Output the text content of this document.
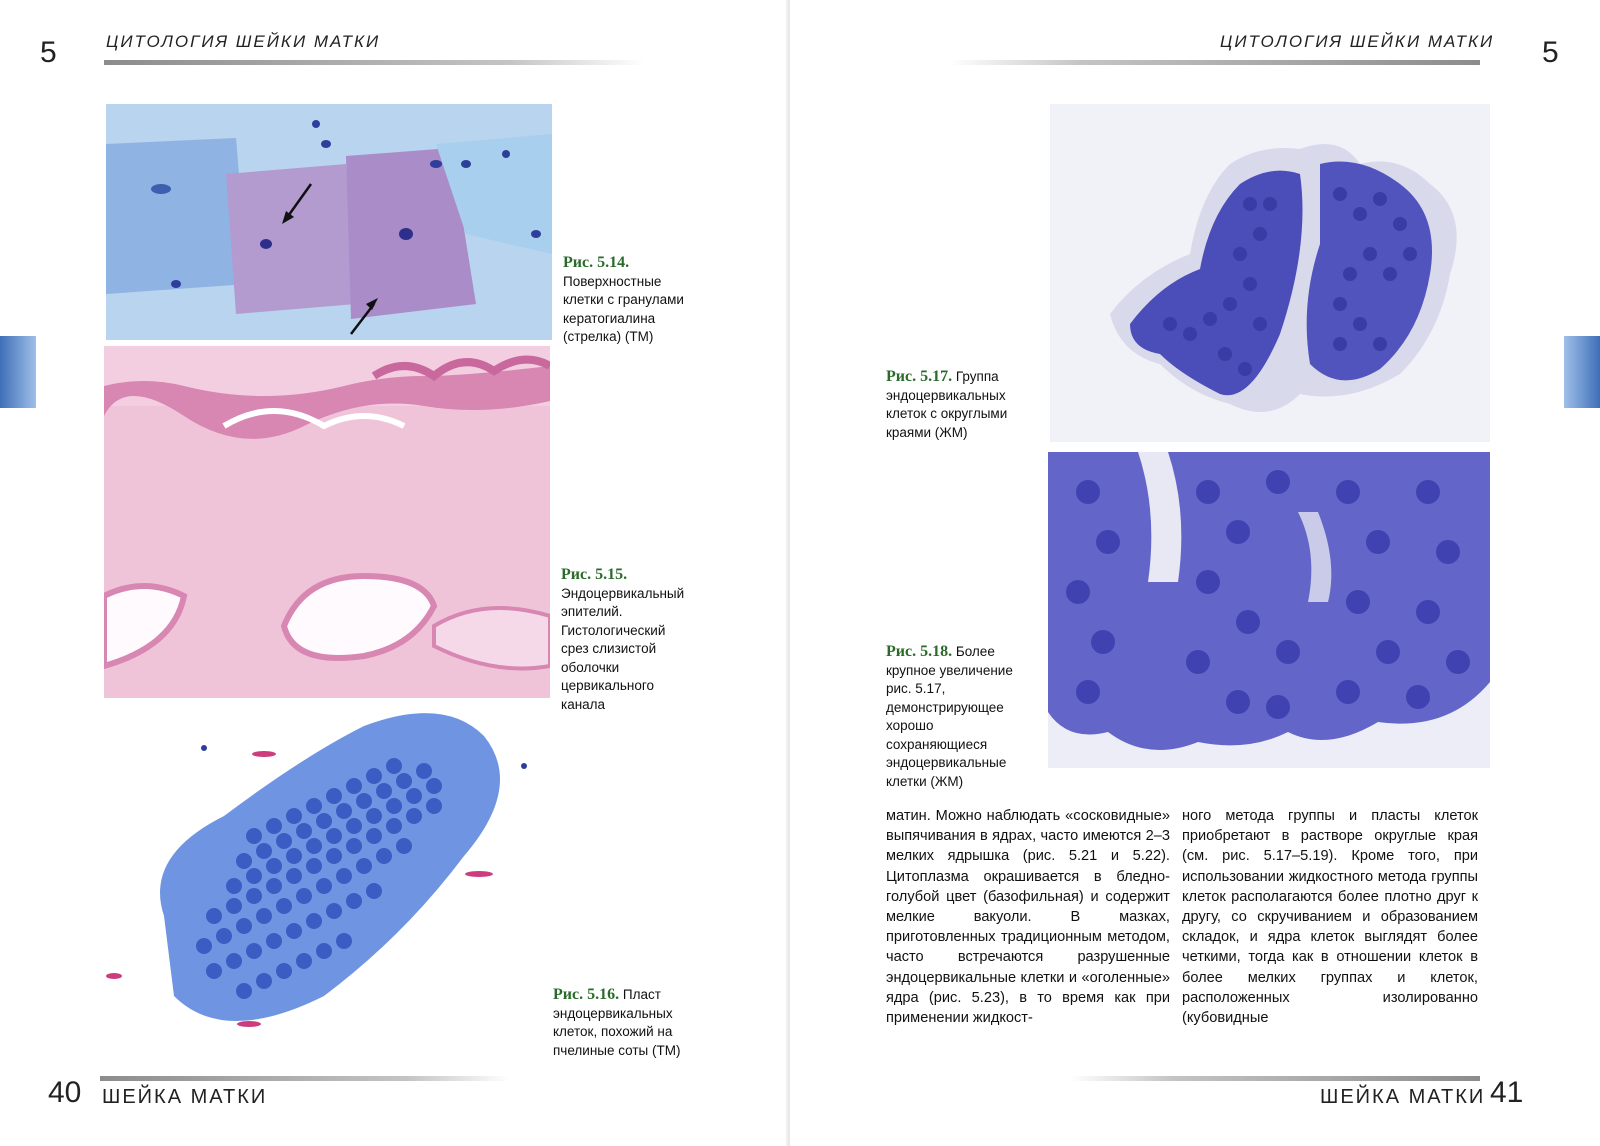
5	ЦИТОЛОГИЯ ШЕЙКИ МАТКИ
Рис. 5.14. Поверхностные клетки с гранулами кератогиалина (стрелка) (ТМ)
Рис. 5.15. Эндоцервикальный эпителий. Гистологический срез слизистой оболочки цервикального канала
Рис. 5.16. Пласт эндоцервикальных клеток, похожий на пчелиные соты (ТМ)
40 ШЕЙКА МАТКИ
ЦИТОЛОГИЯ ШЕЙКИ МАТКИ 5
Рис. 5.17. Группа эндоцервикальных клеток с округлыми краями (ЖМ)
Рис. 5.18. Более крупное увеличение рис. 5.17, демонстрирующее хорошо сохраняющиеся эндоцервикальные клетки (ЖМ)
матин. Можно наблюдать «сосковидные» выпячивания в ядрах, часто имеются 2–3 мелких ядрышка (рис. 5.21 и 5.22). Цитоплазма окрашивается в бледно-голубой цвет (базофильная) и содержит мелкие вакуоли. В мазках, приготовленных традиционным методом, часто встречаются разрушенные эндоцервикальные клетки и «оголенные» ядра (рис. 5.23), в то время как при применении жидкост-
ного метода группы и пласты клеток приобретают в растворе округлые края (см. рис. 5.17–5.19). Кроме того, при использовании жидкостного метода группы клеток располагаются более плотно друг к другу, со скручиванием и образованием складок, и ядра клеток выглядят более четкими, тогда как в отношении клеток в более мелких группах и клеток, расположенных изолированно (кубовидные
ШЕЙКА МАТКИ 41
